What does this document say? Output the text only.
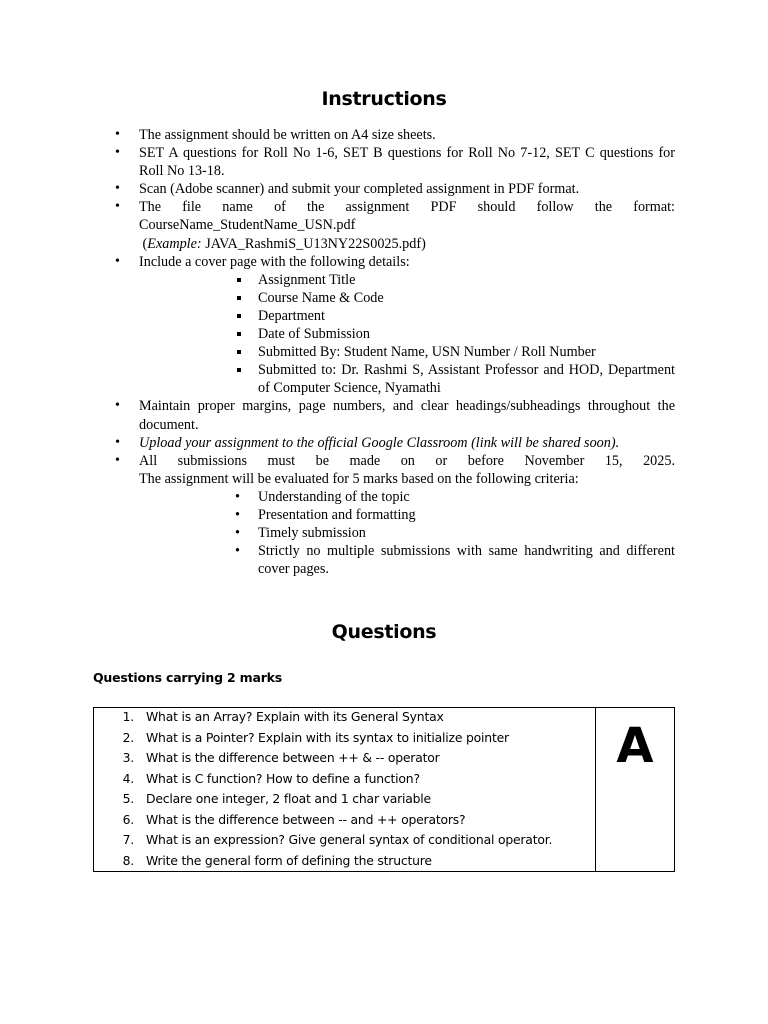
Instructions
• The assignment should be written on A4 size sheets.
• SET A questions for Roll No 1-6, SET B questions for Roll No 7-12, SET C questions for Roll No 13-18.
• Scan (Adobe scanner) and submit your completed assignment in PDF format.
• The file name of the assignment PDF should follow the format:
CourseName_StudentName_USN.pdf
(Example: JAVA_RashmiS_U13NY22S0025.pdf)
• Include a cover page with the following details:
Assignment Title
Course Name & Code
Department
Date of Submission
Submitted By: Student Name, USN Number / Roll Number
Submitted to: Dr. Rashmi S, Assistant Professor and HOD, Department of Computer Science, Nyamathi
• Maintain proper margins, page numbers, and clear headings/subheadings throughout the document.
• Upload your assignment to the official Google Classroom (link will be shared soon).
• All submissions must be made on or before November 15, 2025.
The assignment will be evaluated for 5 marks based on the following criteria:
• Understanding of the topic
• Presentation and formatting
• Timely submission
• Strictly no multiple submissions with same handwriting and different cover pages.
Questions
Questions carrying 2 marks
1. What is an Array? Explain with its General Syntax
2. What is a Pointer? Explain with its syntax to initialize pointer
3. What is the difference between ++ & -- operator
4. What is C function? How to define a function?
5. Declare one integer, 2 float and 1 char variable
6. What is the difference between -- and ++ operators?
7. What is an expression? Give general syntax of conditional operator.
8. Write the general form of defining the structure
A
